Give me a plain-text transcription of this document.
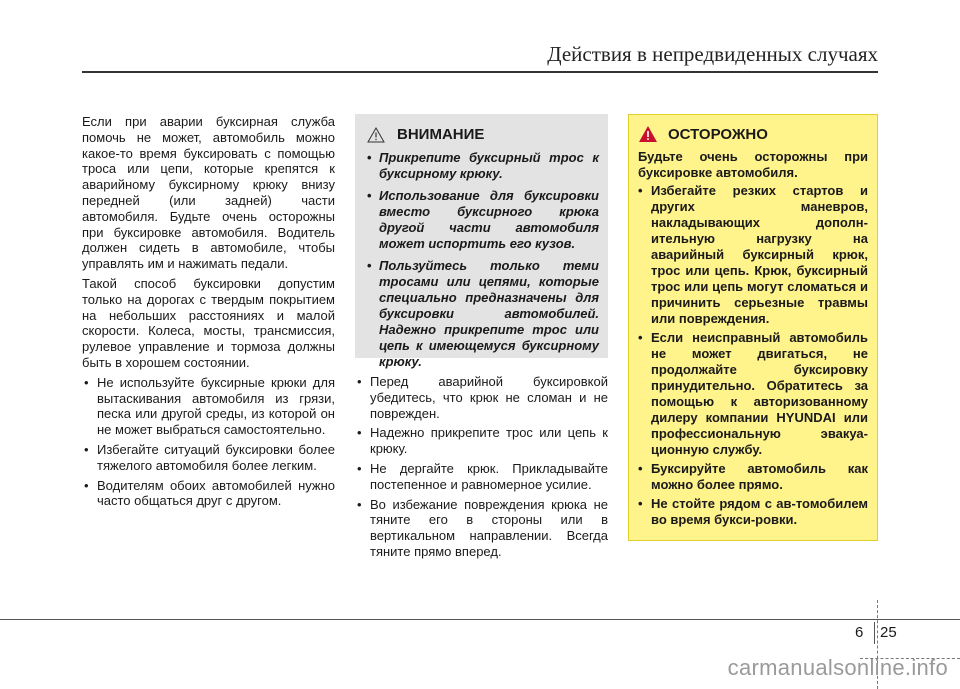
Действия в непредвиденных случаях

Если при аварии буксирная служба помочь не может, автомобиль можно какое-то время буксировать с помощью троса или цепи, которые крепятся к аварийному буксирному крюку внизу передней (или задней) части автомобиля. Будьте очень осторожны при буксировке автомобиля. Водитель должен сидеть в автомобиле, чтобы управлять им и нажимать педали.

Такой способ буксировки допустим только на дорогах с твердым покрытием на небольших расстояниях и малой скорости. Колеса, мосты, трансмиссия, рулевое управление и тормоза должны быть в хорошем состоянии.

• Не используйте буксирные крюки для вытаскивания автомобиля из грязи, песка или другой среды, из которой он не может выбраться самостоятельно.
• Избегайте ситуаций буксировки более тяжелого автомобиля более легким.
• Водителям обоих автомобилей нужно часто общаться друг с другом.
ВНИМАНИЕ
• Прикрепите буксирный трос к буксирному крюку.
• Использование для буксировки вместо буксирного крюка другой части автомобиля может испортить его кузов.
• Пользуйтесь только теми тросами или цепями, которые специально предназначены для буксировки автомобилей. Надежно прикрепите трос или цепь к имеющемуся буксирному крюку.
• Перед аварийной буксировкой убедитесь, что крюк не сломан и не поврежден.
• Надежно прикрепите трос или цепь к крюку.
• Не дергайте крюк. Прикладывайте постепенное и равномерное усилие.
• Во избежание повреждения крюка не тяните его в стороны или в вертикальном направлении. Всегда тяните прямо вперед.
ОСТОРОЖНО

Будьте очень осторожны при буксировке автомобиля.

• Избегайте резких стартов и других маневров, накладывающих дополн-ительную нагрузку на аварийный буксирный крюк, трос или цепь. Крюк, буксирный трос или цепь могут сломаться и причинить серьезные травмы или повреждения.
• Если неисправный автомобиль не может двигаться, не продолжайте буксировку принудительно. Обратитесь за помощью к авторизованному дилеру компании HYUNDAI или профессиональную эвакуа-ционную службу.
• Буксируйте автомобиль как можно более прямо.
• Не стойте рядом с ав-томобилем во время букси-ровки.
6 25
carmanualsonline.info
